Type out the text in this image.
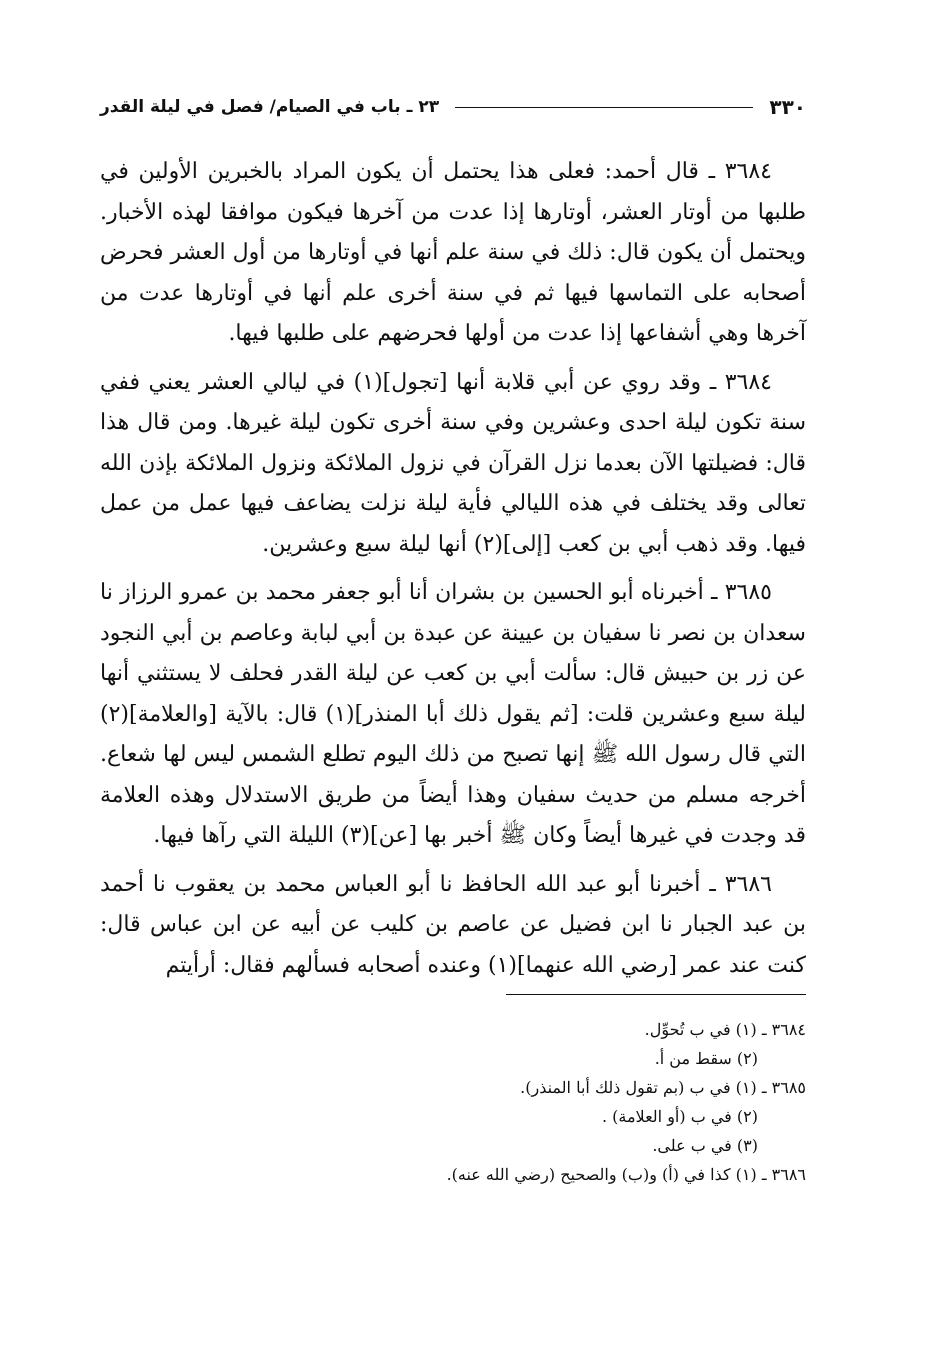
٣٣٠
٢٣ ـ باب في الصيام/ فصل في ليلة القدر

٣٦٨٤ ـ قال أحمد: فعلى هذا يحتمل أن يكون المراد بالخبرين الأولين في طلبها من أوتار العشر، أوتارها إذا عدت من آخرها فيكون موافقا لهذه الأخبار. ويحتمل أن يكون قال: ذلك في سنة علم أنها في أوتارها من أول العشر فحرض أصحابه على التماسها فيها ثم في سنة أخرى علم أنها في أوتارها عدت من آخرها وهي أشفاعها إذا عدت من أولها فحرضهم على طلبها فيها.

٣٦٨٤ ـ وقد روي عن أبي قلابة أنها [تجول](١) في ليالي العشر يعني ففي سنة تكون ليلة احدى وعشرين وفي سنة أخرى تكون ليلة غيرها. ومن قال هذا قال: فضيلتها الآن بعدما نزل القرآن في نزول الملائكة ونزول الملائكة بإذن الله تعالى وقد يختلف في هذه الليالي فأية ليلة نزلت يضاعف فيها عمل من عمل فيها. وقد ذهب أبي بن كعب [إلى](٢) أنها ليلة سبع وعشرين.

٣٦٨٥ ـ أخبرناه أبو الحسين بن بشران أنا أبو جعفر محمد بن عمرو الرزاز نا سعدان بن نصر نا سفيان بن عيينة عن عبدة بن أبي لبابة وعاصم بن أبي النجود عن زر بن حبيش قال: سألت أبي بن كعب عن ليلة القدر فحلف لا يستثني أنها ليلة سبع وعشرين قلت: [ثم يقول ذلك أبا المنذر](١) قال: بالآية [والعلامة](٢) التي قال رسول الله ﷺ إنها تصبح من ذلك اليوم تطلع الشمس ليس لها شعاع. أخرجه مسلم من حديث سفيان وهذا أيضاً من طريق الاستدلال وهذه العلامة قد وجدت في غيرها أيضاً وكان ﷺ أخبر بها [عن](٣) الليلة التي رآها فيها.

٣٦٨٦ ـ أخبرنا أبو عبد الله الحافظ نا أبو العباس محمد بن يعقوب نا أحمد بن عبد الجبار نا ابن فضيل عن عاصم بن كليب عن أبيه عن ابن عباس قال: كنت عند عمر [رضي الله عنهما](١) وعنده أصحابه فسألهم فقال: أرأيتم

٣٦٨٤ ـ (١) في ب تُحوِّل.
(٢) سقط من أ.
٣٦٨٥ ـ (١) في ب (بم تقول ذلك أبا المنذر).
(٢) في ب (أو العلامة) .
(٣) في ب على.
٣٦٨٦ ـ (١) كذا في (أ) و(ب) والصحيح (رضي الله عنه).
